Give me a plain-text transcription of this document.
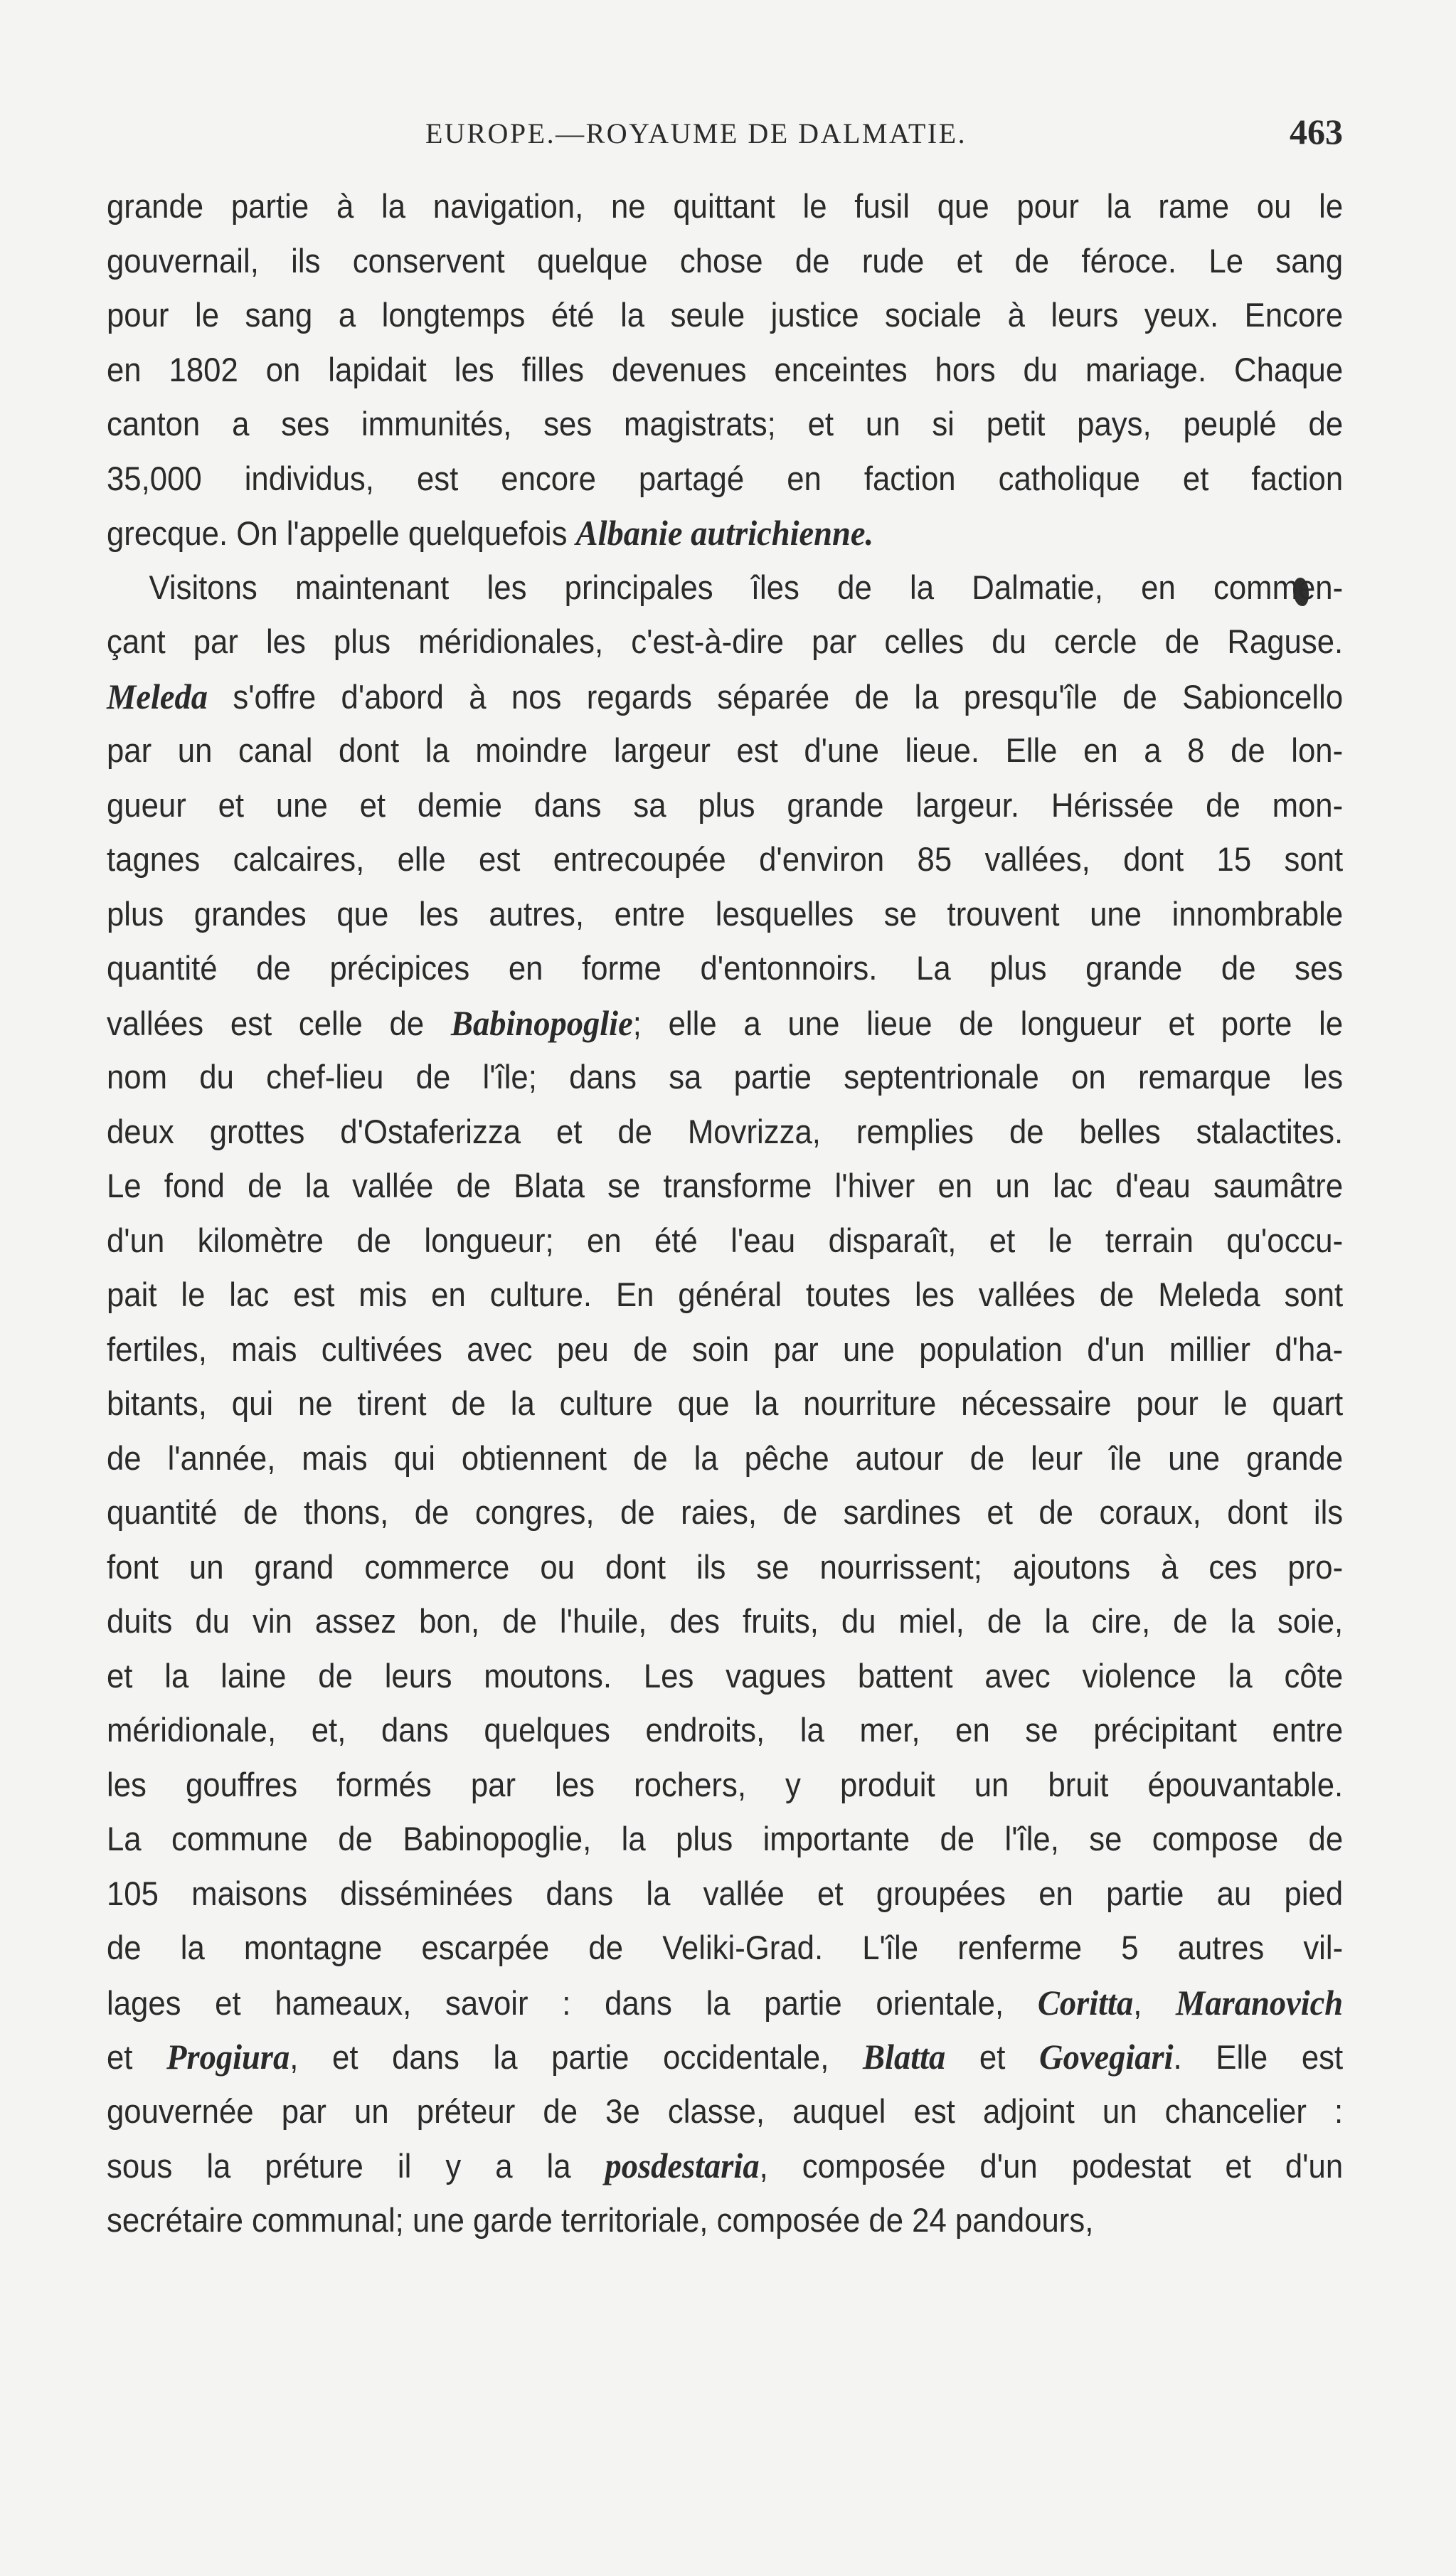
EUROPE.—ROYAUME DE DALMATIE.	463
grande partie à la navigation, ne quittant le fusil que pour la rame ou le
gouvernail, ils conservent quelque chose de rude et de féroce. Le sang
pour le sang a longtemps été la seule justice sociale à leurs yeux. Encore
en 1802 on lapidait les filles devenues enceintes hors du mariage. Chaque
canton a ses immunités, ses magistrats; et un si petit pays, peuplé de
35,000 individus, est encore partagé en faction catholique et faction
grecque. On l'appelle quelquefois Albanie autrichienne.
Visitons maintenant les principales îles de la Dalmatie, en commen-
çant par les plus méridionales, c'est-à-dire par celles du cercle de Raguse.
Meleda s'offre d'abord à nos regards séparée de la presqu'île de Sabioncello
par un canal dont la moindre largeur est d'une lieue. Elle en a 8 de lon-
gueur et une et demie dans sa plus grande largeur. Hérissée de mon-
tagnes calcaires, elle est entrecoupée d'environ 85 vallées, dont 15 sont
plus grandes que les autres, entre lesquelles se trouvent une innombrable
quantité de précipices en forme d'entonnoirs. La plus grande de ses
vallées est celle de Babinopoglie; elle a une lieue de longueur et porte le
nom du chef-lieu de l'île; dans sa partie septentrionale on remarque les
deux grottes d'Ostaferizza et de Movrizza, remplies de belles stalactites.
Le fond de la vallée de Blata se transforme l'hiver en un lac d'eau saumâtre
d'un kilomètre de longueur; en été l'eau disparaît, et le terrain qu'occu-
pait le lac est mis en culture. En général toutes les vallées de Meleda sont
fertiles, mais cultivées avec peu de soin par une population d'un millier d'ha-
bitants, qui ne tirent de la culture que la nourriture nécessaire pour le quart
de l'année, mais qui obtiennent de la pêche autour de leur île une grande
quantité de thons, de congres, de raies, de sardines et de coraux, dont ils
font un grand commerce ou dont ils se nourrissent; ajoutons à ces pro-
duits du vin assez bon, de l'huile, des fruits, du miel, de la cire, de la soie,
et la laine de leurs moutons. Les vagues battent avec violence la côte
méridionale, et, dans quelques endroits, la mer, en se précipitant entre
les gouffres formés par les rochers, y produit un bruit épouvantable.
La commune de Babinopoglie, la plus importante de l'île, se compose de
105 maisons disséminées dans la vallée et groupées en partie au pied
de la montagne escarpée de Veliki-Grad. L'île renferme 5 autres vil-
lages et hameaux, savoir : dans la partie orientale, Coritta, Maranovich
et Progiura, et dans la partie occidentale, Blatta et Govegiari. Elle est
gouvernée par un préteur de 3e classe, auquel est adjoint un chancelier :
sous la préture il y a la posdestaria, composée d'un podestat et d'un
secrétaire communal; une garde territoriale, composée de 24 pandours,
